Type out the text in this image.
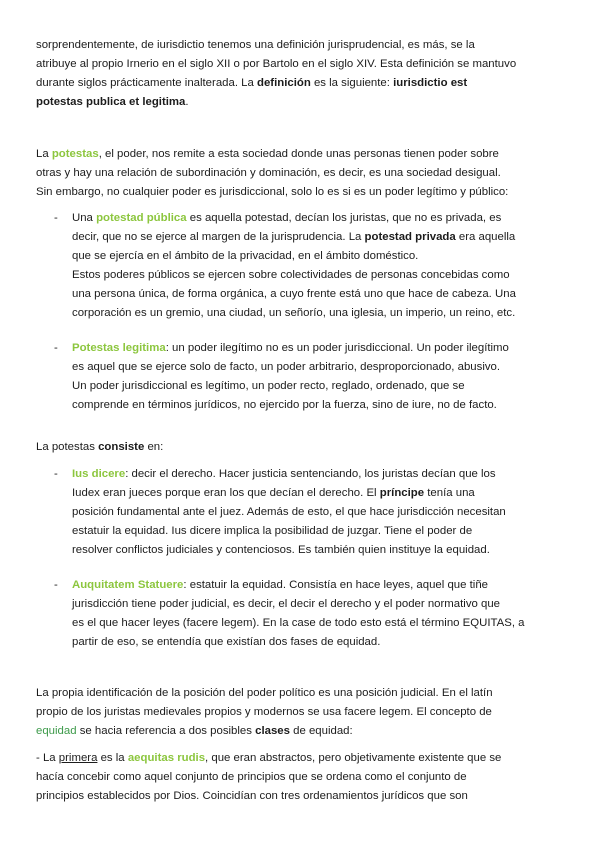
sorprendentemente, de iurisdictio tenemos una definición jurisprudencial, es más, se la
atribuye al propio Irnerio en el siglo XII o por Bartolo en el siglo XIV. Esta definición se mantuvo
durante siglos prácticamente inalterada. La definición es la siguiente: iurisdictio est
potestas publica et legitima.
La potestas, el poder, nos remite a esta sociedad donde unas personas tienen poder sobre
otras y hay una relación de subordinación y dominación, es decir, es una sociedad desigual.
Sin embargo, no cualquier poder es jurisdiccional, solo lo es si es un poder legítimo y público:
- Una potestad pública es aquella potestad, decían los juristas, que no es privada, es
decir, que no se ejerce al margen de la jurisprudencia. La potestad privada era aquella
que se ejercía en el ámbito de la privacidad, en el ámbito doméstico.
Estos poderes públicos se ejercen sobre colectividades de personas concebidas como
una persona única, de forma orgánica, a cuyo frente está uno que hace de cabeza. Una
corporación es un gremio, una ciudad, un señorío, una iglesia, un imperio, un reino, etc.
- Potestas legitima: un poder ilegítimo no es un poder jurisdiccional. Un poder ilegítimo
es aquel que se ejerce solo de facto, un poder arbitrario, desproporcionado, abusivo.
Un poder jurisdiccional es legítimo, un poder recto, reglado, ordenado, que se
comprende en términos jurídicos, no ejercido por la fuerza, sino de iure, no de facto.
La potestas consiste en:
- Ius dicere: decir el derecho. Hacer justicia sentenciando, los juristas decían que los
Iudex eran jueces porque eran los que decían el derecho. El príncipe tenía una
posición fundamental ante el juez. Además de esto, el que hace jurisdicción necesitan
estatuir la equidad. Ius dicere implica la posibilidad de juzgar. Tiene el poder de
resolver conflictos judiciales y contenciosos. Es también quien instituye la equidad.
- Auquitatem Statuere: estatuir la equidad. Consistía en hace leyes, aquel que tiñe
jurisdicción tiene poder judicial, es decir, el decir el derecho y el poder normativo que
es el que hacer leyes (facere legem). En la case de todo esto está el término EQUITAS, a
partir de eso, se entendía que existían dos fases de equidad.
La propia identificación de la posición del poder político es una posición judicial. En el latín
propio de los juristas medievales propios y modernos se usa facere legem. El concepto de
equidad se hacia referencia a dos posibles clases de equidad:
- La primera es la aequitas rudis, que eran abstractos, pero objetivamente existente que se
hacía concebir como aquel conjunto de principios que se ordena como el conjunto de
principios establecidos por Dios. Coincidían con tres ordenamientos jurídicos que son
